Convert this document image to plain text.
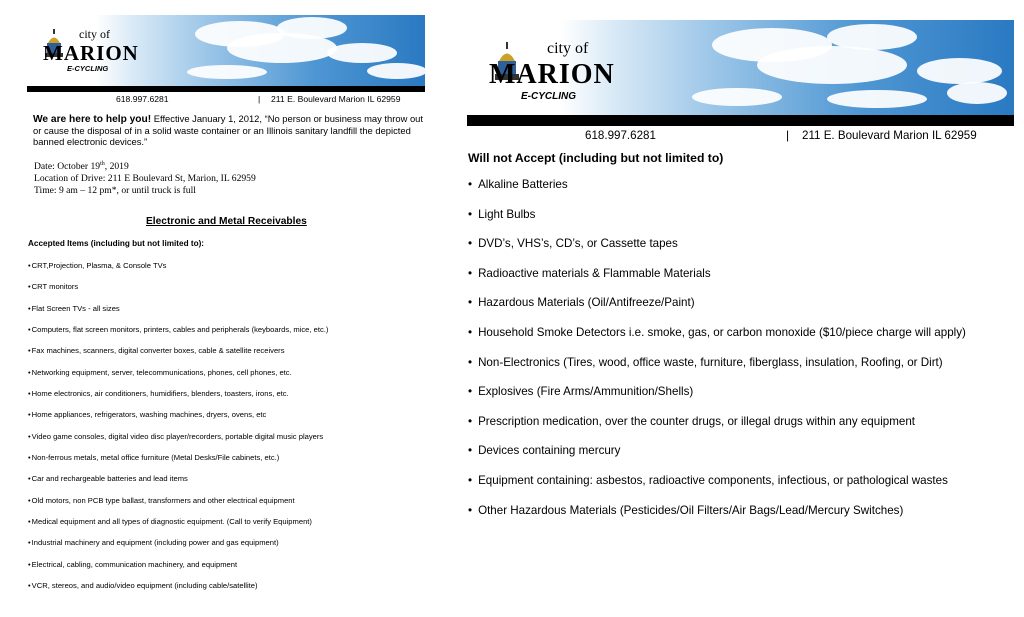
city of
MARION
E-CYCLING
618.997.6281	| 211 E. Boulevard Marion IL 62959
We are here to help you! Effective January 1, 2012, “No person or business may throw out or cause the disposal of in a solid waste container or an Illinois sanitary landfill the depicted banned electronic devices.”
Date: October 19th, 2019
Location of Drive: 211 E Boulevard St, Marion, IL 62959
Time: 9 am – 12 pm*, or until truck is full
Electronic and Metal Receivables
Accepted Items (including but not limited to):
•CRT,Projection, Plasma, & Console TVs
•CRT monitors
•Flat Screen TVs - all sizes
•Computers, flat screen monitors, printers, cables and peripherals (keyboards, mice, etc.)
•Fax machines, scanners, digital converter boxes, cable & satellite receivers
•Networking equipment, server, telecommunications, phones, cell phones, etc.
•Home electronics, air conditioners, humidifiers, blenders, toasters, irons, etc.
•Home appliances, refrigerators, washing machines, dryers, ovens, etc
•Video game consoles, digital video disc player/recorders, portable digital music players
•Non-ferrous metals, metal office furniture (Metal Desks/File cabinets, etc.)
•Car and rechargeable batteries and lead items
•Old motors, non PCB type ballast, transformers and other electrical equipment
•Medical equipment and all types of diagnostic equipment. (Call to verify Equipment)
•Industrial machinery and equipment (including power and gas equipment)
•Electrical, cabling, communication machinery, and equipment
•VCR, stereos, and audio/video equipment (including cable/satellite)
city of
MARION
E-CYCLING
618.997.6281	| 211 E. Boulevard Marion IL 62959
Will not Accept (including but not limited to)
• Alkaline Batteries
• Light Bulbs
• DVD’s, VHS’s, CD’s, or Cassette tapes
• Radioactive materials & Flammable Materials
• Hazardous Materials (Oil/Antifreeze/Paint)
• Household Smoke Detectors i.e. smoke, gas, or carbon monoxide ($10/piece charge will apply)
• Non-Electronics (Tires, wood, office waste, furniture, fiberglass, insulation, Roofing, or Dirt)
• Explosives (Fire Arms/Ammunition/Shells)
• Prescription medication, over the counter drugs, or illegal drugs within any equipment
• Devices containing mercury
• Equipment containing: asbestos, radioactive components, infectious, or pathological wastes
• Other Hazardous Materials (Pesticides/Oil Filters/Air Bags/Lead/Mercury Switches)
